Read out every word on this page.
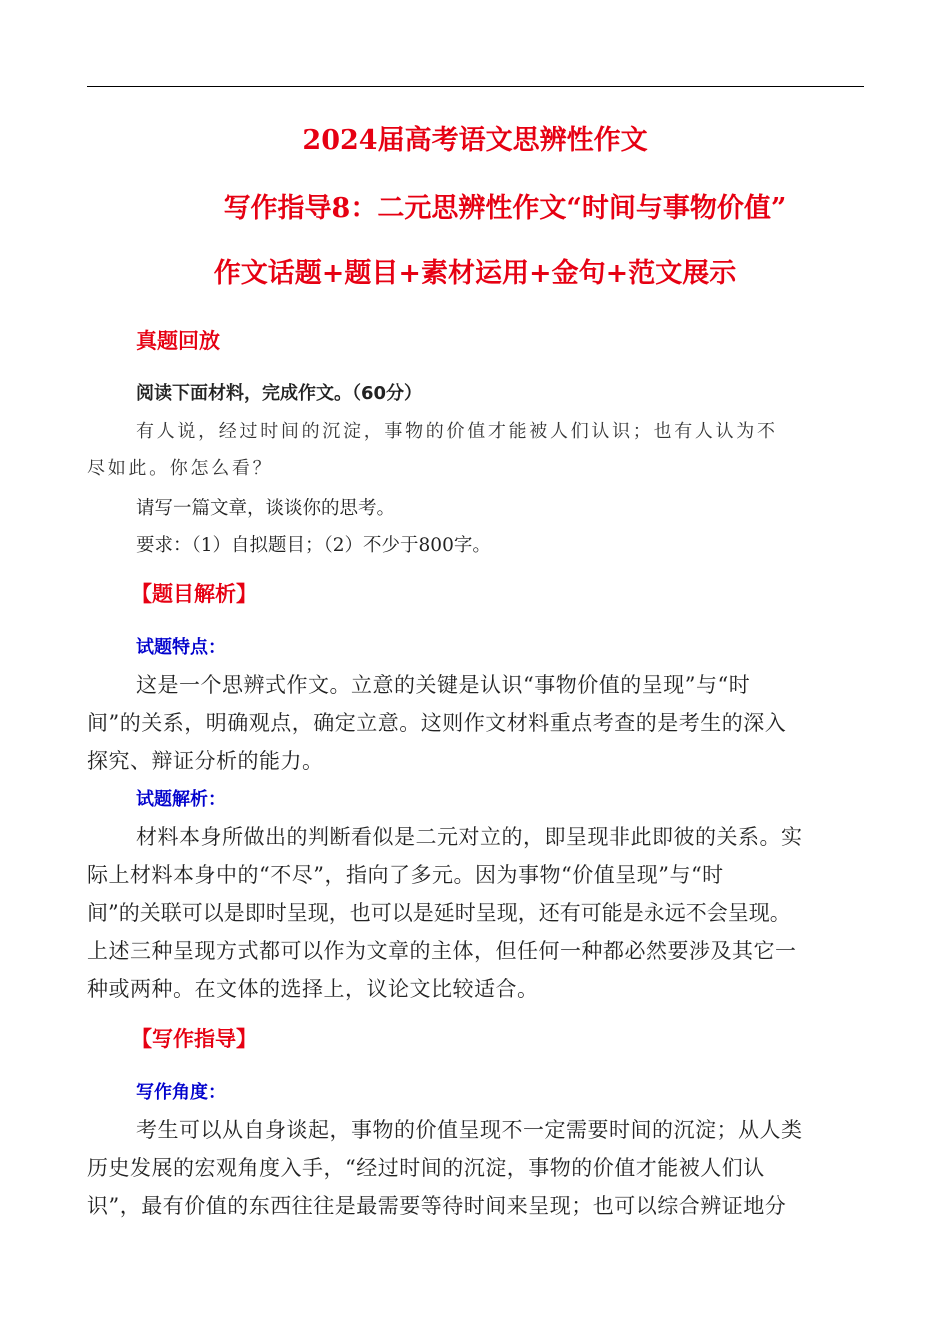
2024届高考语文思辨性作文
写作指导8：二元思辨性作文“时间与事物价值”
作文话题+题目+素材运用+金句+范文展示
真题回放
阅读下面材料，完成作文。（60分）
有人说，经过时间的沉淀，事物的价值才能被人们认识；也有人认为不
尽如此。你怎么看？
请写一篇文章，谈谈你的思考。
要求：（1）自拟题目；（2）不少于800字。
【题目解析】
试题特点：
这是一个思辨式作文。立意的关键是认识“事物价值的呈现”与“时
间”的关系，明确观点，确定立意。这则作文材料重点考查的是考生的深入
探究、辩证分析的能力。
试题解析：
材料本身所做出的判断看似是二元对立的，即呈现非此即彼的关系。实
际上材料本身中的“不尽”，指向了多元。因为事物“价值呈现”与“时
间”的关联可以是即时呈现，也可以是延时呈现，还有可能是永远不会呈现。
上述三种呈现方式都可以作为文章的主体，但任何一种都必然要涉及其它一
种或两种。在文体的选择上，议论文比较适合。
【写作指导】
写作角度：
考生可以从自身谈起，事物的价值呈现不一定需要时间的沉淀；从人类
历史发展的宏观角度入手，“经过时间的沉淀，事物的价值才能被人们认
识”，最有价值的东西往往是最需要等待时间来呈现；也可以综合辨证地分
